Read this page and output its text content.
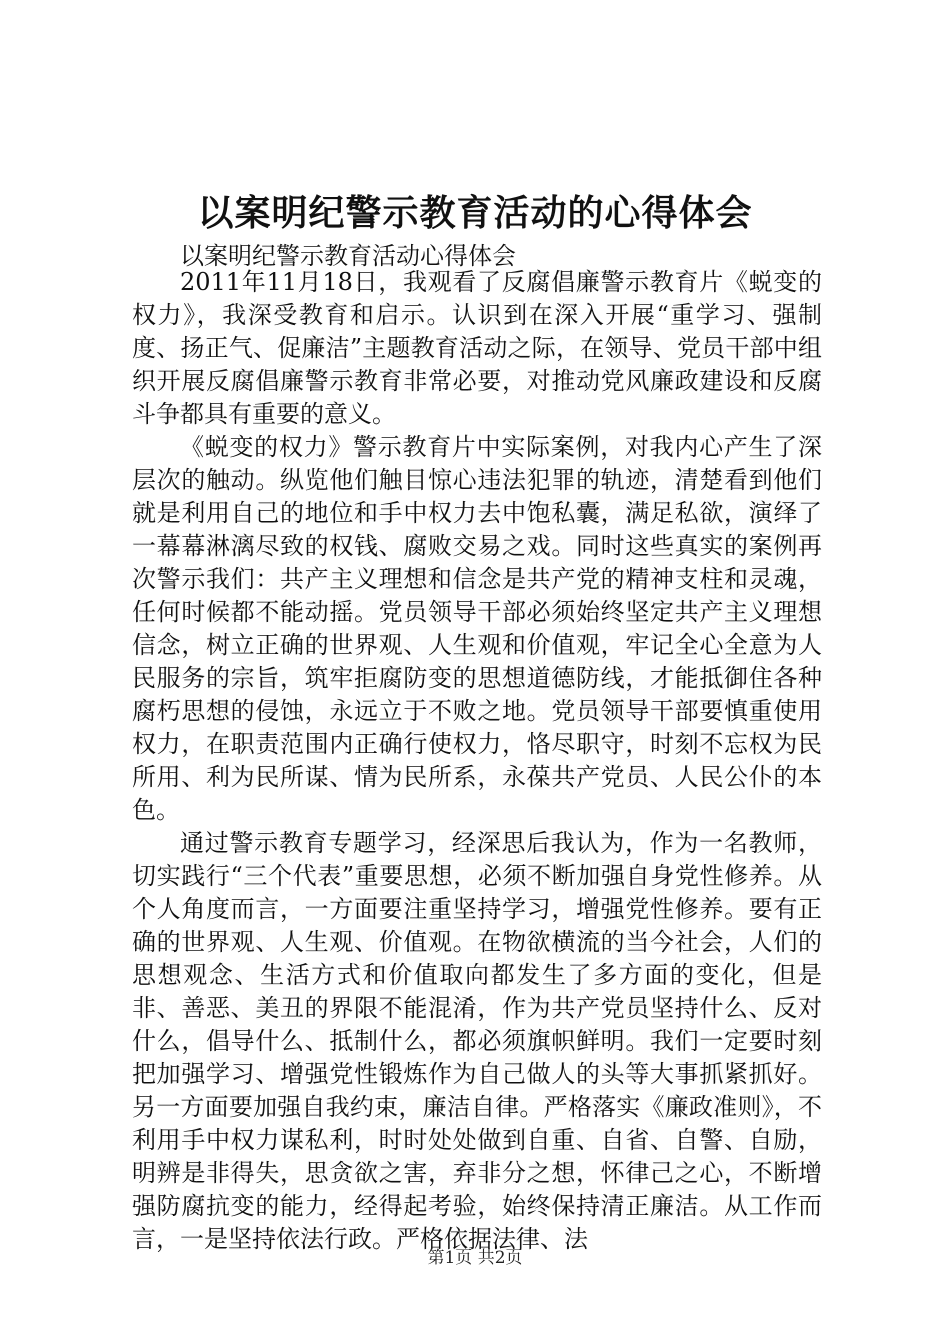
以案明纪警示教育活动的心得体会

以案明纪警示教育活动心得体会

2011年11月18日，我观看了反腐倡廉警示教育片《蜕变的权力》，我深受教育和启示。认识到在深入开展“重学习、强制度、扬正气、促廉洁”主题教育活动之际，在领导、党员干部中组织开展反腐倡廉警示教育非常必要，对推动党风廉政建设和反腐斗争都具有重要的意义。

《蜕变的权力》警示教育片中实际案例，对我内心产生了深层次的触动。纵览他们触目惊心违法犯罪的轨迹，清楚看到他们就是利用自己的地位和手中权力去中饱私囊，满足私欲，演绎了一幕幕淋漓尽致的权钱、腐败交易之戏。同时这些真实的案例再次警示我们：共产主义理想和信念是共产党的精神支柱和灵魂，任何时候都不能动摇。党员领导干部必须始终坚定共产主义理想信念，树立正确的世界观、人生观和价值观，牢记全心全意为人民服务的宗旨，筑牢拒腐防变的思想道德防线，才能抵御住各种腐朽思想的侵蚀，永远立于不败之地。党员领导干部要慎重使用权力，在职责范围内正确行使权力，恪尽职守，时刻不忘权为民所用、利为民所谋、情为民所系，永葆共产党员、人民公仆的本色。

通过警示教育专题学习，经深思后我认为，作为一名教师，切实践行“三个代表”重要思想，必须不断加强自身党性修养。从个人角度而言，一方面要注重坚持学习，增强党性修养。要有正确的世界观、人生观、价值观。在物欲横流的当今社会，人们的思想观念、生活方式和价值取向都发生了多方面的变化，但是非、善恶、美丑的界限不能混淆，作为共产党员坚持什么、反对什么，倡导什么、抵制什么，都必须旗帜鲜明。我们一定要时刻把加强学习、增强党性锻炼作为自己做人的头等大事抓紧抓好。另一方面要加强自我约束，廉洁自律。严格落实《廉政准则》，不利用手中权力谋私利，时时处处做到自重、自省、自警、自励，明辨是非得失，思贪欲之害，弃非分之想，怀律己之心，不断增强防腐抗变的能力，经得起考验，始终保持清正廉洁。从工作而言，一是坚持依法行政。严格依据法律、法

第1页 共2页
